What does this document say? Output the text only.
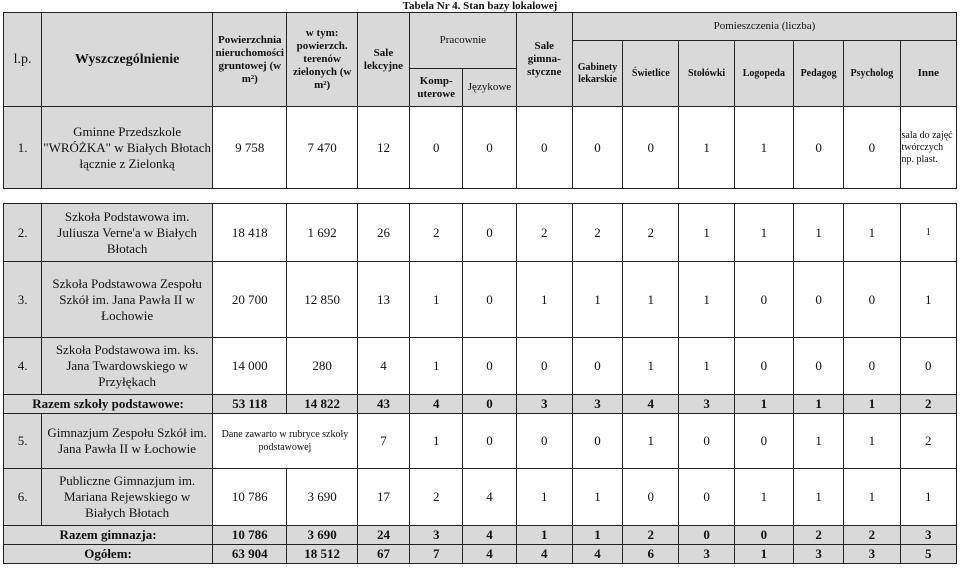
Tabela Nr 4. Stan bazy lokalowej
l.p.	Wyszczególnienie	Powierzchnia nieruchomości gruntowej (w m²)	w tym: powierzch. terenów zielonych (w m²)	Sale lekcyjne	Pracownie		Sale gimna-styczne	Pomieszczenia (liczba)						
								Gabinety lekarskie	Świetlice	Stołówki	Logopeda	Pedagog	Psycholog	Inne
					Komp-uterowe	Językowe								
1.	Gminne Przedszkole "WRÓŻKA" w Białych Błotach łącznie z Zielonką	9 758	7 470	12	0	0	0	0	0	1	1	0	0	sala do zajęć twórczych np. plast.

2.	Szkoła Podstawowa im. Juliusza Verne'a w Białych Błotach	18 418	1 692	26	2	0	2	2	2	1	1	1	1	1
3.	Szkoła Podstawowa Zespołu Szkół im. Jana Pawła II w Łochowie	20 700	12 850	13	1	0	1	1	1	1	0	0	0	1
4.	Szkoła Podstawowa im. ks. Jana Twardowskiego w Przyłękach	14 000	280	4	1	0	0	0	1	1	0	0	0	0
Razem szkoły podstawowe:		53 118	14 822	43	4	0	3	3	4	3	1	1	1	2
5.	Gimnazjum Zespołu Szkół im. Jana Pawła II w Łochowie	Dane zawarto w rubryce szkoły podstawowej		7	1	0	0	0	1	0	0	1	1	2
6.	Publiczne Gimnazjum im. Mariana Rejewskiego w Białych Błotach	10 786	3 690	17	2	4	1	1	0	0	1	1	1	1
Razem gimnazja:		10 786	3 690	24	3	4	1	1	2	0	0	2	2	3
Ogółem:		63 904	18 512	67	7	4	4	4	6	3	1	3	3	5
